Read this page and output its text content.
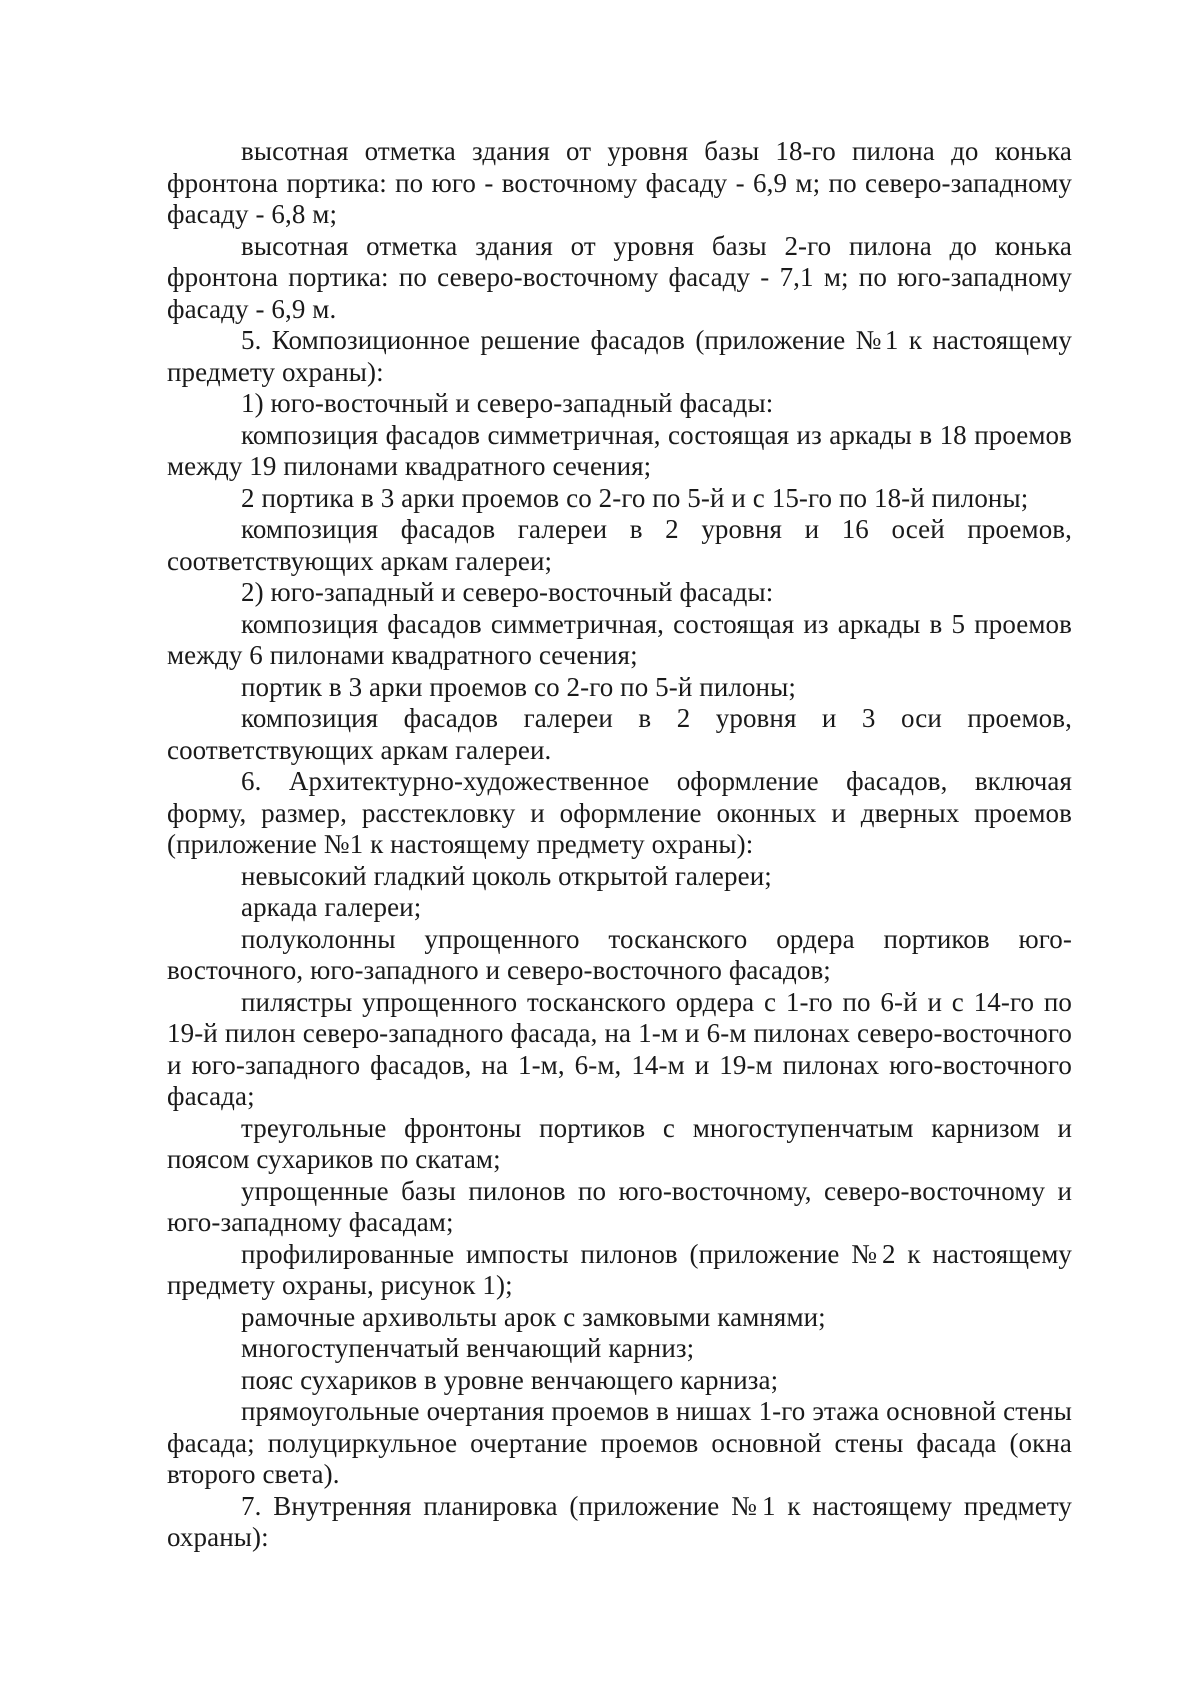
высотная отметка здания от уровня базы 18-го пилона до конька фронтона портика: по юго - восточному фасаду - 6,9 м; по северо-западному фасаду - 6,8 м;

высотная отметка здания от уровня базы 2-го пилона до конька фронтона портика: по северо-восточному фасаду - 7,1 м; по юго-западному фасаду - 6,9 м.

5. Композиционное решение фасадов (приложение №1 к настоящему предмету охраны):

1) юго-восточный и северо-западный фасады:

композиция фасадов симметричная, состоящая из аркады в 18 проемов между 19 пилонами квадратного сечения;

2 портика в 3 арки проемов со 2-го по 5-й и с 15-го по 18-й пилоны;

композиция фасадов галереи в 2 уровня и 16 осей проемов, соответствующих аркам галереи;

2) юго-западный и северо-восточный фасады:

композиция фасадов симметричная, состоящая из аркады в 5 проемов между 6 пилонами квадратного сечения;

портик в 3 арки проемов со 2-го по 5-й пилоны;

композиция фасадов галереи в 2 уровня и 3 оси проемов, соответствующих аркам галереи.

6. Архитектурно-художественное оформление фасадов, включая форму, размер, расстекловку и оформление оконных и дверных проемов (приложение №1 к настоящему предмету охраны):

невысокий гладкий цоколь открытой галереи;

аркада галереи;

полуколонны упрощенного тосканского ордера портиков юго-восточного, юго-западного и северо-восточного фасадов;

пилястры упрощенного тосканского ордера с 1-го по 6-й и с 14-го по 19-й пилон северо-западного фасада, на 1-м и 6-м пилонах северо-восточного и юго-западного фасадов, на 1-м, 6-м, 14-м и 19-м пилонах юго-восточного фасада;

треугольные фронтоны портиков с многоступенчатым карнизом и поясом сухариков по скатам;

упрощенные базы пилонов по юго-восточному, северо-восточному и юго-западному фасадам;

профилированные импосты пилонов (приложение №2 к настоящему предмету охраны, рисунок 1);

рамочные архивольты арок с замковыми камнями;

многоступенчатый венчающий карниз;

пояс сухариков в уровне венчающего карниза;

прямоугольные очертания проемов в нишах 1-го этажа основной стены фасада; полуциркульное очертание проемов основной стены фасада (окна второго света).

7. Внутренняя планировка (приложение №1 к настоящему предмету охраны):
